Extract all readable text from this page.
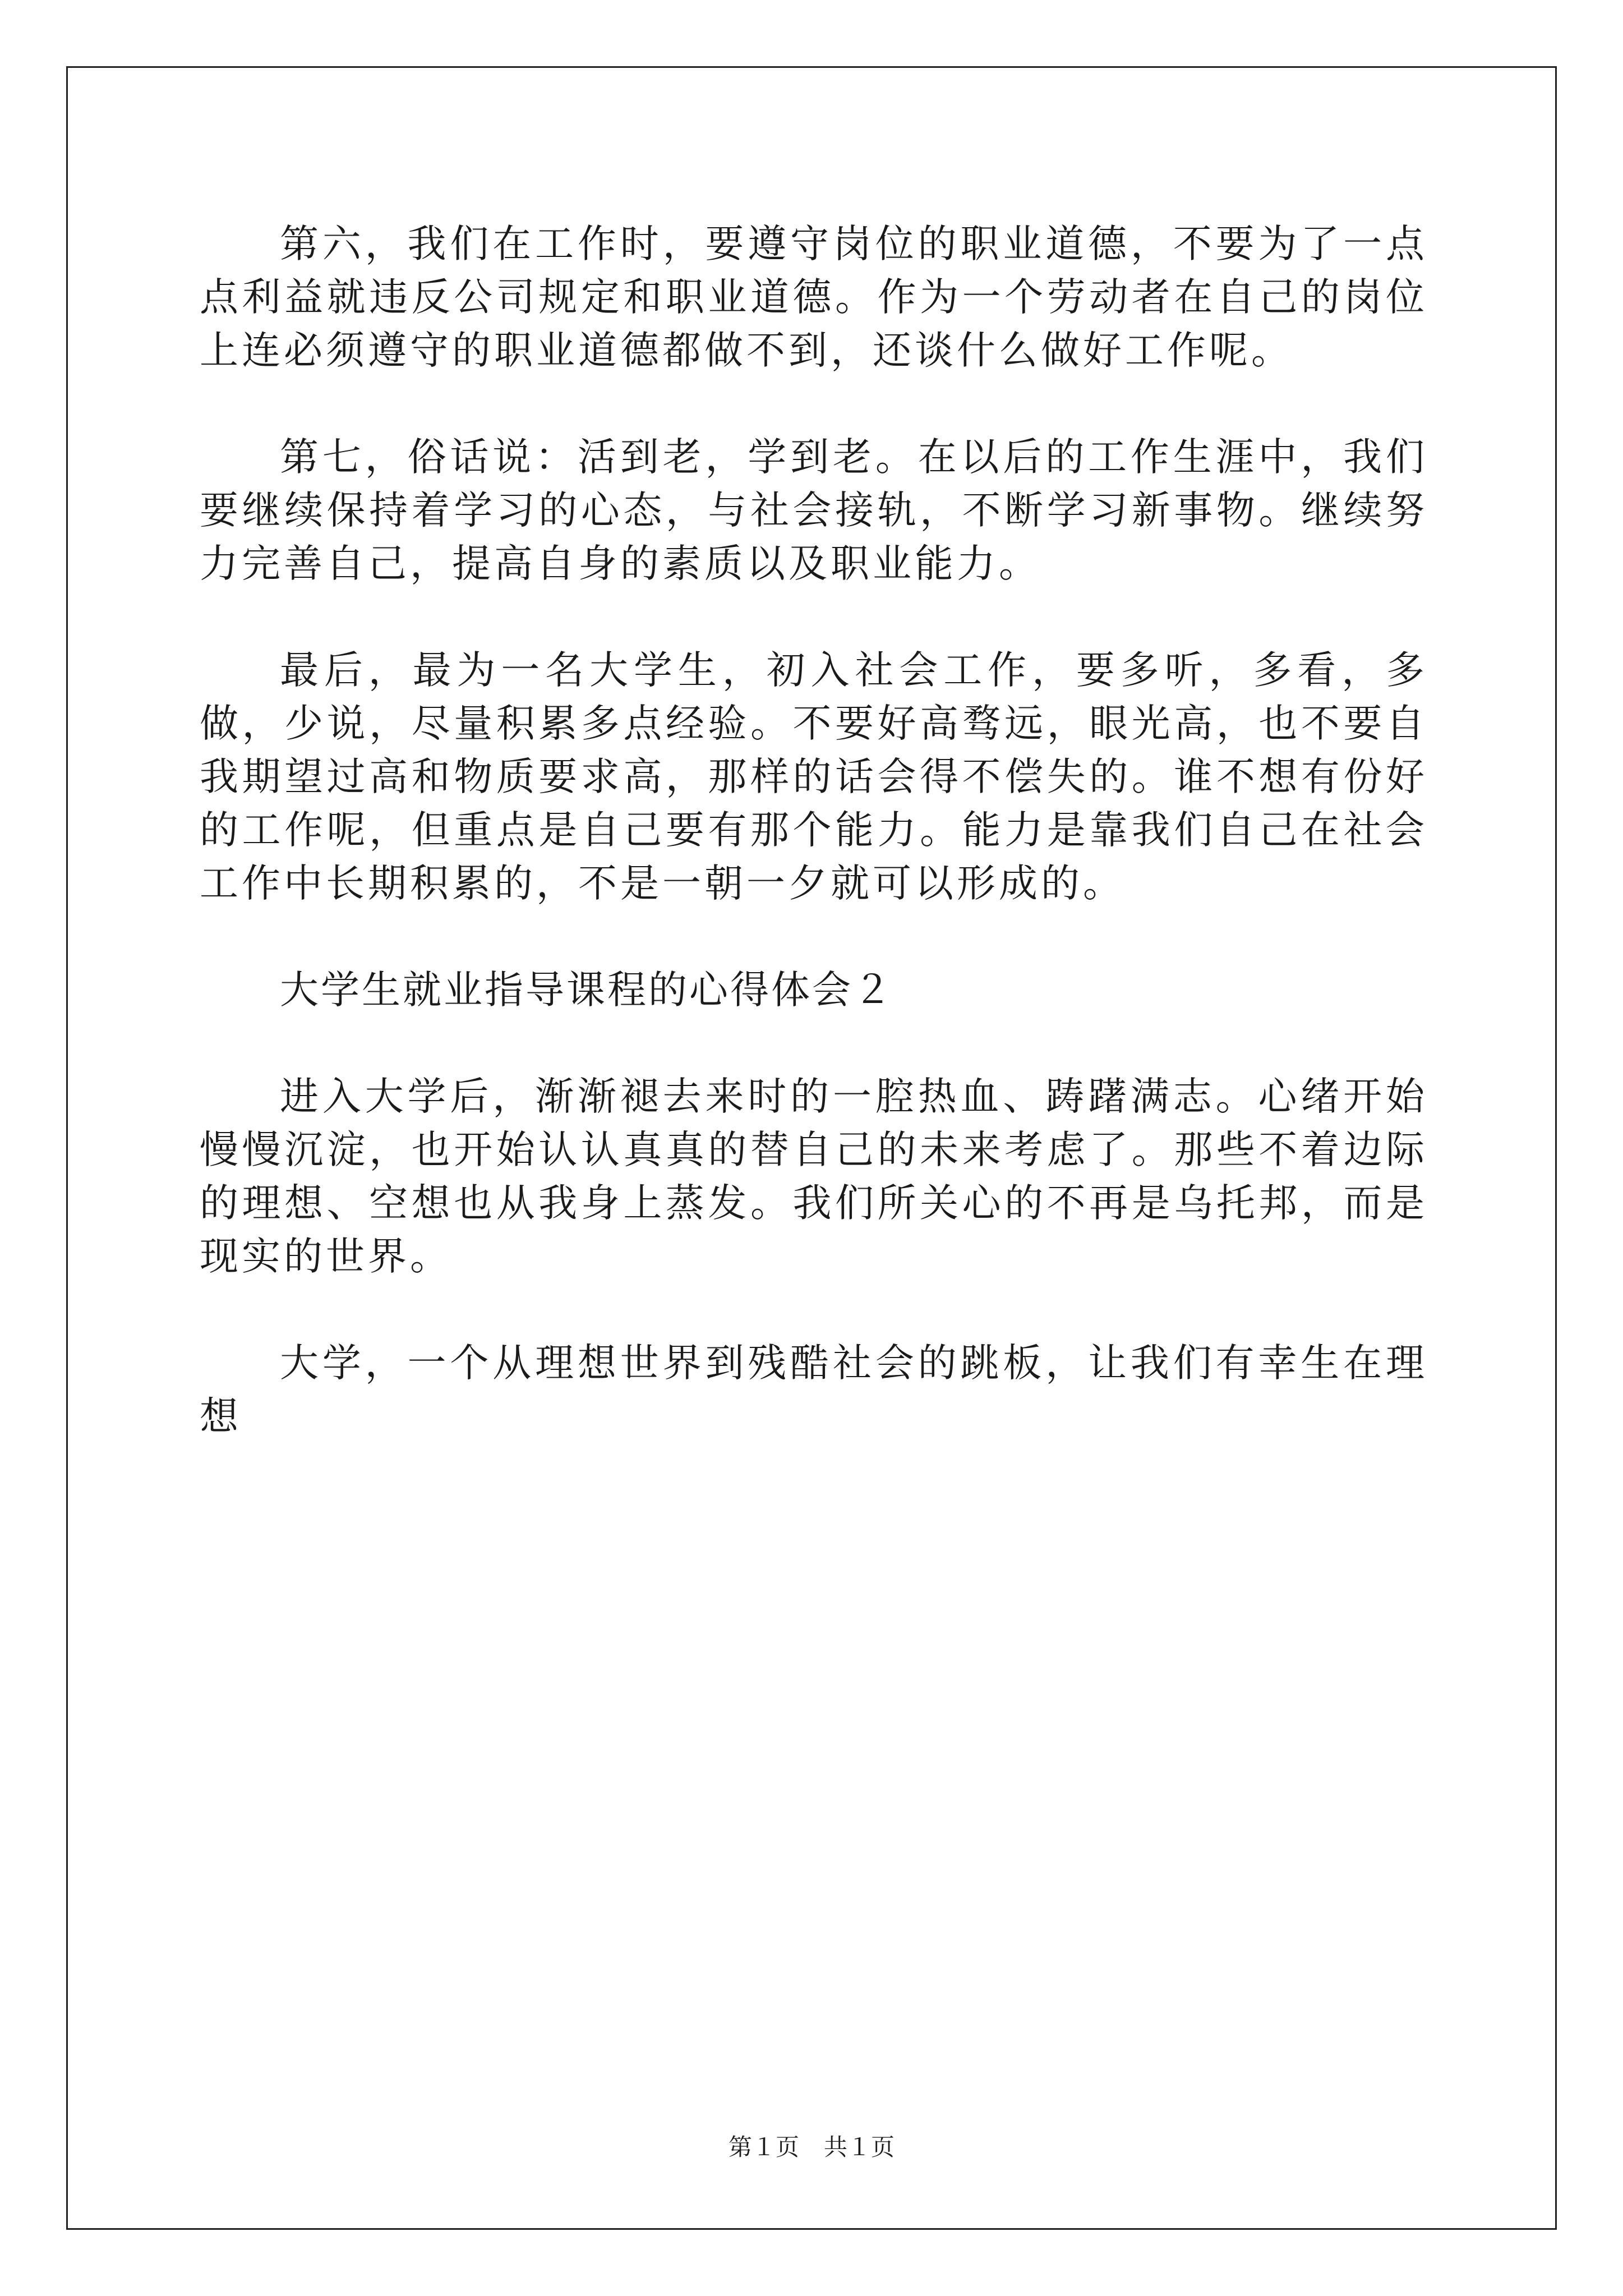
第六，我们在工作时，要遵守岗位的职业道德，不要为了一点点利益就违反公司规定和职业道德。作为一个劳动者在自己的岗位上连必须遵守的职业道德都做不到，还谈什么做好工作呢。

第七，俗话说：活到老，学到老。在以后的工作生涯中，我们要继续保持着学习的心态，与社会接轨，不断学习新事物。继续努力完善自己，提高自身的素质以及职业能力。

最后，最为一名大学生，初入社会工作，要多听，多看，多做，少说，尽量积累多点经验。不要好高骛远，眼光高，也不要自我期望过高和物质要求高，那样的话会得不偿失的。谁不想有份好的工作呢，但重点是自己要有那个能力。能力是靠我们自己在社会工作中长期积累的，不是一朝一夕就可以形成的。

大学生就业指导课程的心得体会２

进入大学后，渐渐褪去来时的一腔热血、踌躇满志。心绪开始慢慢沉淀，也开始认认真真的替自己的未来考虑了。那些不着边际的理想、空想也从我身上蒸发。我们所关心的不再是乌托邦，而是现实的世界。

大学，一个从理想世界到残酷社会的跳板，让我们有幸生在理想

第１页 共１页
